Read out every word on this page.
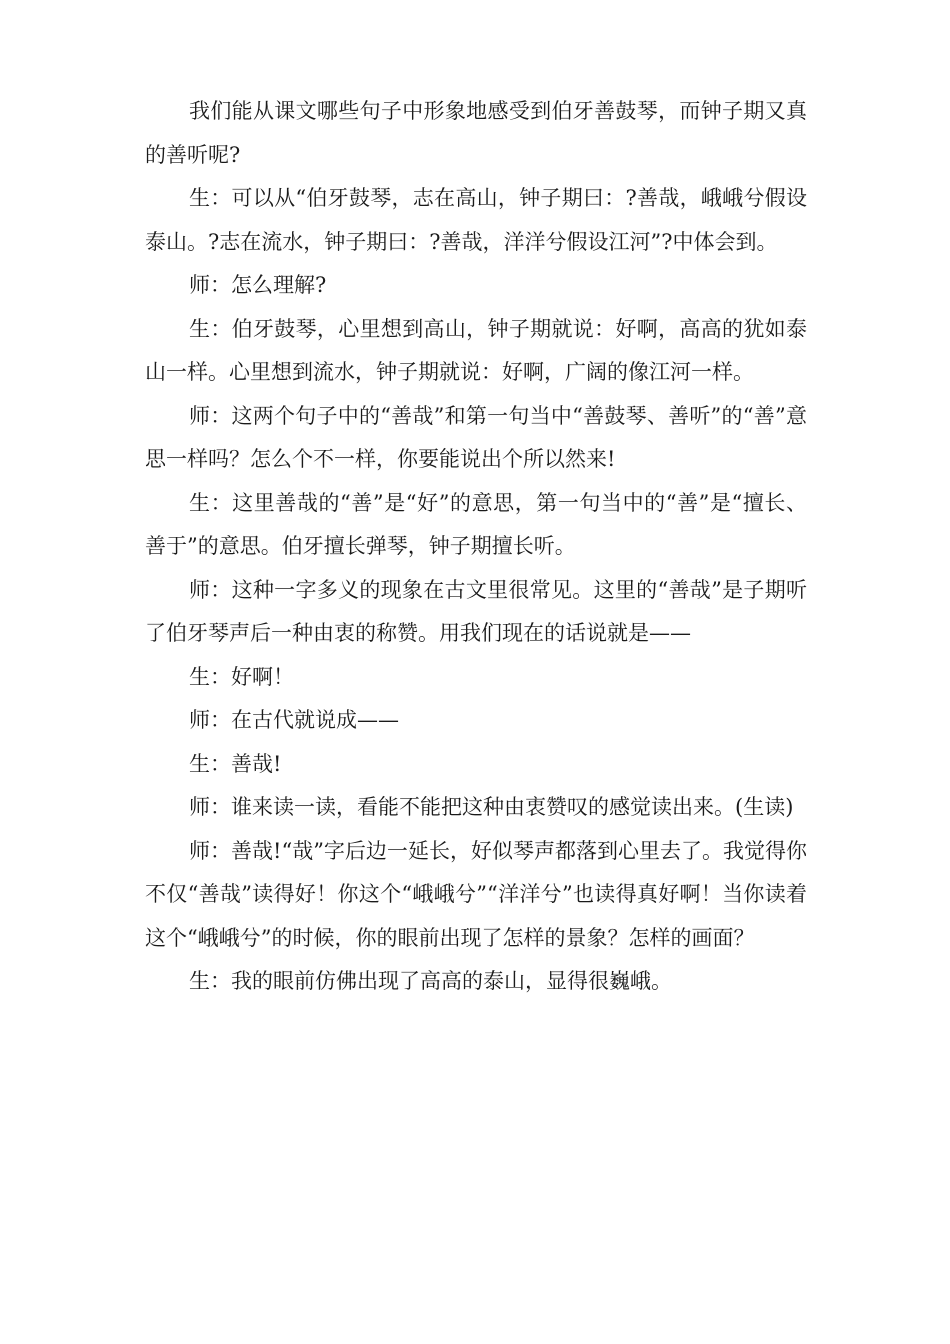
我们能从课文哪些句子中形象地感受到伯牙善鼓琴，而钟子期又真的善听呢?

生：可以从“伯牙鼓琴，志在高山，钟子期曰：?善哉，峨峨兮假设泰山。?志在流水，钟子期曰：?善哉，洋洋兮假设江河”?中体会到。

师：怎么理解?

生：伯牙鼓琴，心里想到高山，钟子期就说：好啊，高高的犹如泰山一样。心里想到流水，钟子期就说：好啊，广阔的像江河一样。

师：这两个句子中的“善哉”和第一句当中“善鼓琴、善听”的“善”意思一样吗？怎么个不一样，你要能说出个所以然来!

生：这里善哉的“善”是“好”的意思，第一句当中的“善”是“擅长、善于”的意思。伯牙擅长弹琴，钟子期擅长听。

师：这种一字多义的现象在古文里很常见。这里的“善哉”是子期听了伯牙琴声后一种由衷的称赞。用我们现在的话说就是——

生：好啊！

师：在古代就说成——

生：善哉!

师：谁来读一读，看能不能把这种由衷赞叹的感觉读出来。(生读)

师：善哉!“哉”字后边一延长，好似琴声都落到心里去了。我觉得你不仅“善哉”读得好！你这个“峨峨兮”“洋洋兮”也读得真好啊！当你读着这个“峨峨兮”的时候，你的眼前出现了怎样的景象？怎样的画面？

生：我的眼前仿佛出现了高高的泰山，显得很巍峨。
